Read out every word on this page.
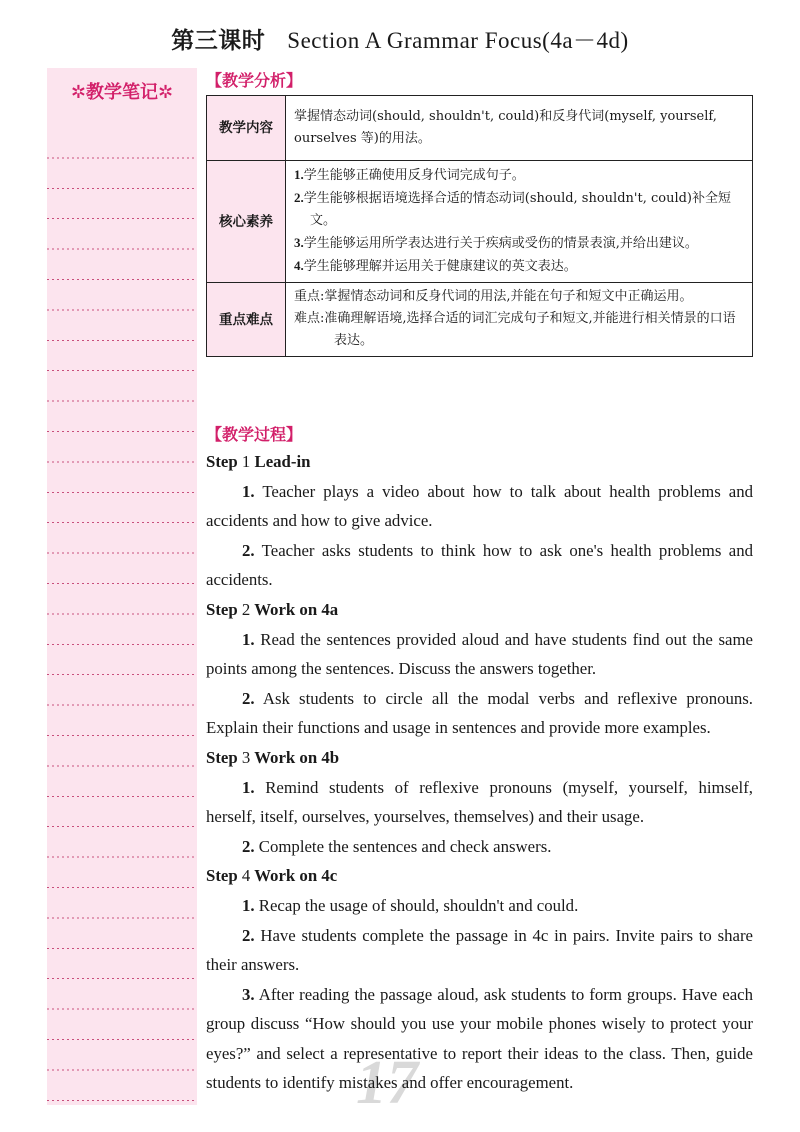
第三课时 Section A Grammar Focus(4a－4d)
✲教学笔记✲
【教学分析】
教学内容	掌握情态动词(should, shouldn't, could)和反身代词(myself, yourself, ourselves 等)的用法。

核心素养	1.学生能够正确使用反身代词完成句子。
2.学生能够根据语境选择合适的情态动词(should, shouldn't, could)补全短文。
3.学生能够运用所学表达进行关于疾病或受伤的情景表演,并给出建议。
4.学生能够理解并运用关于健康建议的英文表达。

重点难点	重点:掌握情态动词和反身代词的用法,并能在句子和短文中正确运用。
难点:准确理解语境,选择合适的词汇完成句子和短文,并能进行相关情景的口语表达。
【教学过程】
Step 1 Lead-in

1. Teacher plays a video about how to talk about health problems and accidents and how to give advice.

2. Teacher asks students to think how to ask one's health problems and accidents.

Step 2 Work on 4a

1. Read the sentences provided aloud and have students find out the same points among the sentences. Discuss the answers together.

2. Ask students to circle all the modal verbs and reflexive pronouns. Explain their functions and usage in sentences and provide more examples.

Step 3 Work on 4b

1. Remind students of reflexive pronouns (myself, yourself, himself, herself, itself, ourselves, yourselves, themselves) and their usage.

2. Complete the sentences and check answers.

Step 4 Work on 4c

1. Recap the usage of should, shouldn't and could.

2. Have students complete the passage in 4c in pairs. Invite pairs to share their answers.

3. After reading the passage aloud, ask students to form groups. Have each group discuss “How should you use your mobile phones wisely to protect your eyes?” and select a representative to report their ideas to the class. Then, guide students to identify mistakes and offer encouragement.

17
